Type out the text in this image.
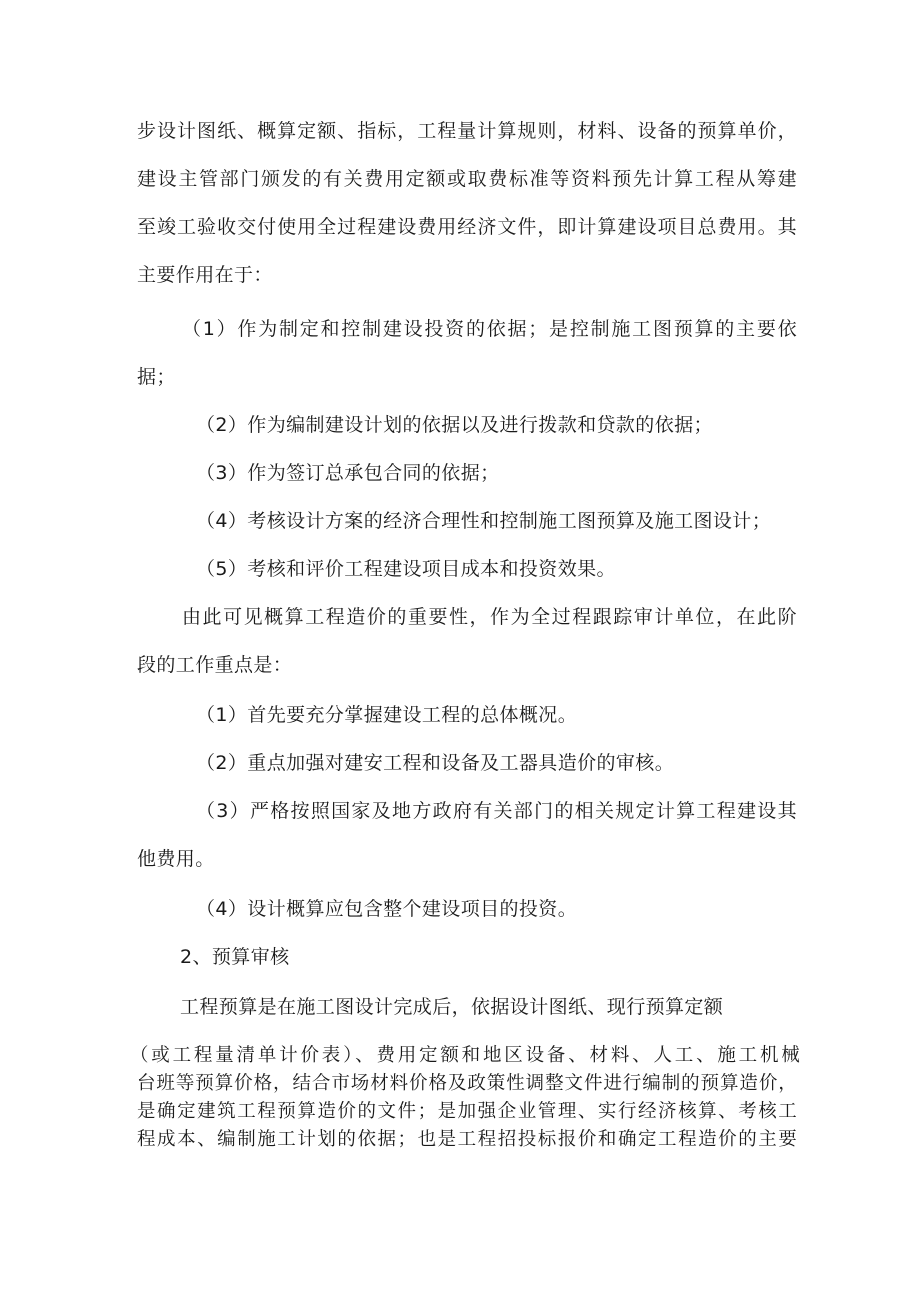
步设计图纸、概算定额、指标，工程量计算规则，材料、设备的预算单价，
建设主管部门颁发的有关费用定额或取费标准等资料预先计算工程从筹建
至竣工验收交付使用全过程建设费用经济文件，即计算建设项目总费用。其
主要作用在于：
（1）作为制定和控制建设投资的依据；是控制施工图预算的主要依
据；
（2）作为编制建设计划的依据以及进行拨款和贷款的依据；
（3）作为签订总承包合同的依据；
（4）考核设计方案的经济合理性和控制施工图预算及施工图设计；
（5）考核和评价工程建设项目成本和投资效果。
由此可见概算工程造价的重要性，作为全过程跟踪审计单位，在此阶
段的工作重点是：
（1）首先要充分掌握建设工程的总体概况。
（2）重点加强对建安工程和设备及工器具造价的审核。
（3）严格按照国家及地方政府有关部门的相关规定计算工程建设其
他费用。
（4）设计概算应包含整个建设项目的投资。
2、预算审核
工程预算是在施工图设计完成后，依据设计图纸、现行预算定额
（或工程量清单计价表）、费用定额和地区设备、材料、人工、施工机械
台班等预算价格，结合市场材料价格及政策性调整文件进行编制的预算造价，
是确定建筑工程预算造价的文件；是加强企业管理、实行经济核算、考核工
程成本、编制施工计划的依据；也是工程招投标报价和确定工程造价的主要
